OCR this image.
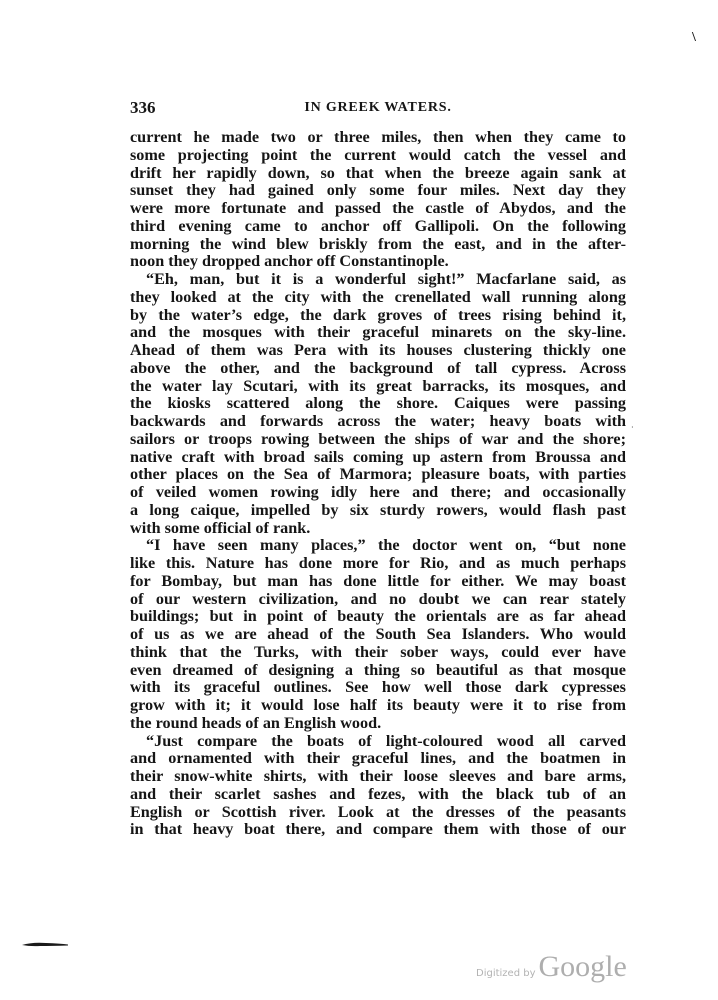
\
336	IN GREEK WATERS.
current he made two or three miles, then when they came to
some projecting point the current would catch the vessel and
drift her rapidly down, so that when the breeze again sank at
sunset they had gained only some four miles. Next day they
were more fortunate and passed the castle of Abydos, and the
third evening came to anchor off Gallipoli. On the following
morning the wind blew briskly from the east, and in the after-
noon they dropped anchor off Constantinople.
“Eh, man, but it is a wonderful sight!” Macfarlane said, as
they looked at the city with the crenellated wall running along
by the water’s edge, the dark groves of trees rising behind it,
and the mosques with their graceful minarets on the sky-line.
Ahead of them was Pera with its houses clustering thickly one
above the other, and the background of tall cypress. Across
the water lay Scutari, with its great barracks, its mosques, and
the kiosks scattered along the shore. Caiques were passing
backwards and forwards across the water; heavy boats with
sailors or troops rowing between the ships of war and the shore;
native craft with broad sails coming up astern from Broussa and
other places on the Sea of Marmora; pleasure boats, with parties
of veiled women rowing idly here and there; and occasionally
a long caique, impelled by six sturdy rowers, would flash past
with some official of rank.
“I have seen many places,” the doctor went on, “but none
like this. Nature has done more for Rio, and as much perhaps
for Bombay, but man has done little for either. We may boast
of our western civilization, and no doubt we can rear stately
buildings; but in point of beauty the orientals are as far ahead
of us as we are ahead of the South Sea Islanders. Who would
think that the Turks, with their sober ways, could ever have
even dreamed of designing a thing so beautiful as that mosque
with its graceful outlines. See how well those dark cypresses
grow with it; it would lose half its beauty were it to rise from
the round heads of an English wood.
“Just compare the boats of light-coloured wood all carved
and ornamented with their graceful lines, and the boatmen in
their snow-white shirts, with their loose sleeves and bare arms,
and their scarlet sashes and fezes, with the black tub of an
English or Scottish river. Look at the dresses of the peasants
in that heavy boat there, and compare them with those of our
·
Digitized by Google
